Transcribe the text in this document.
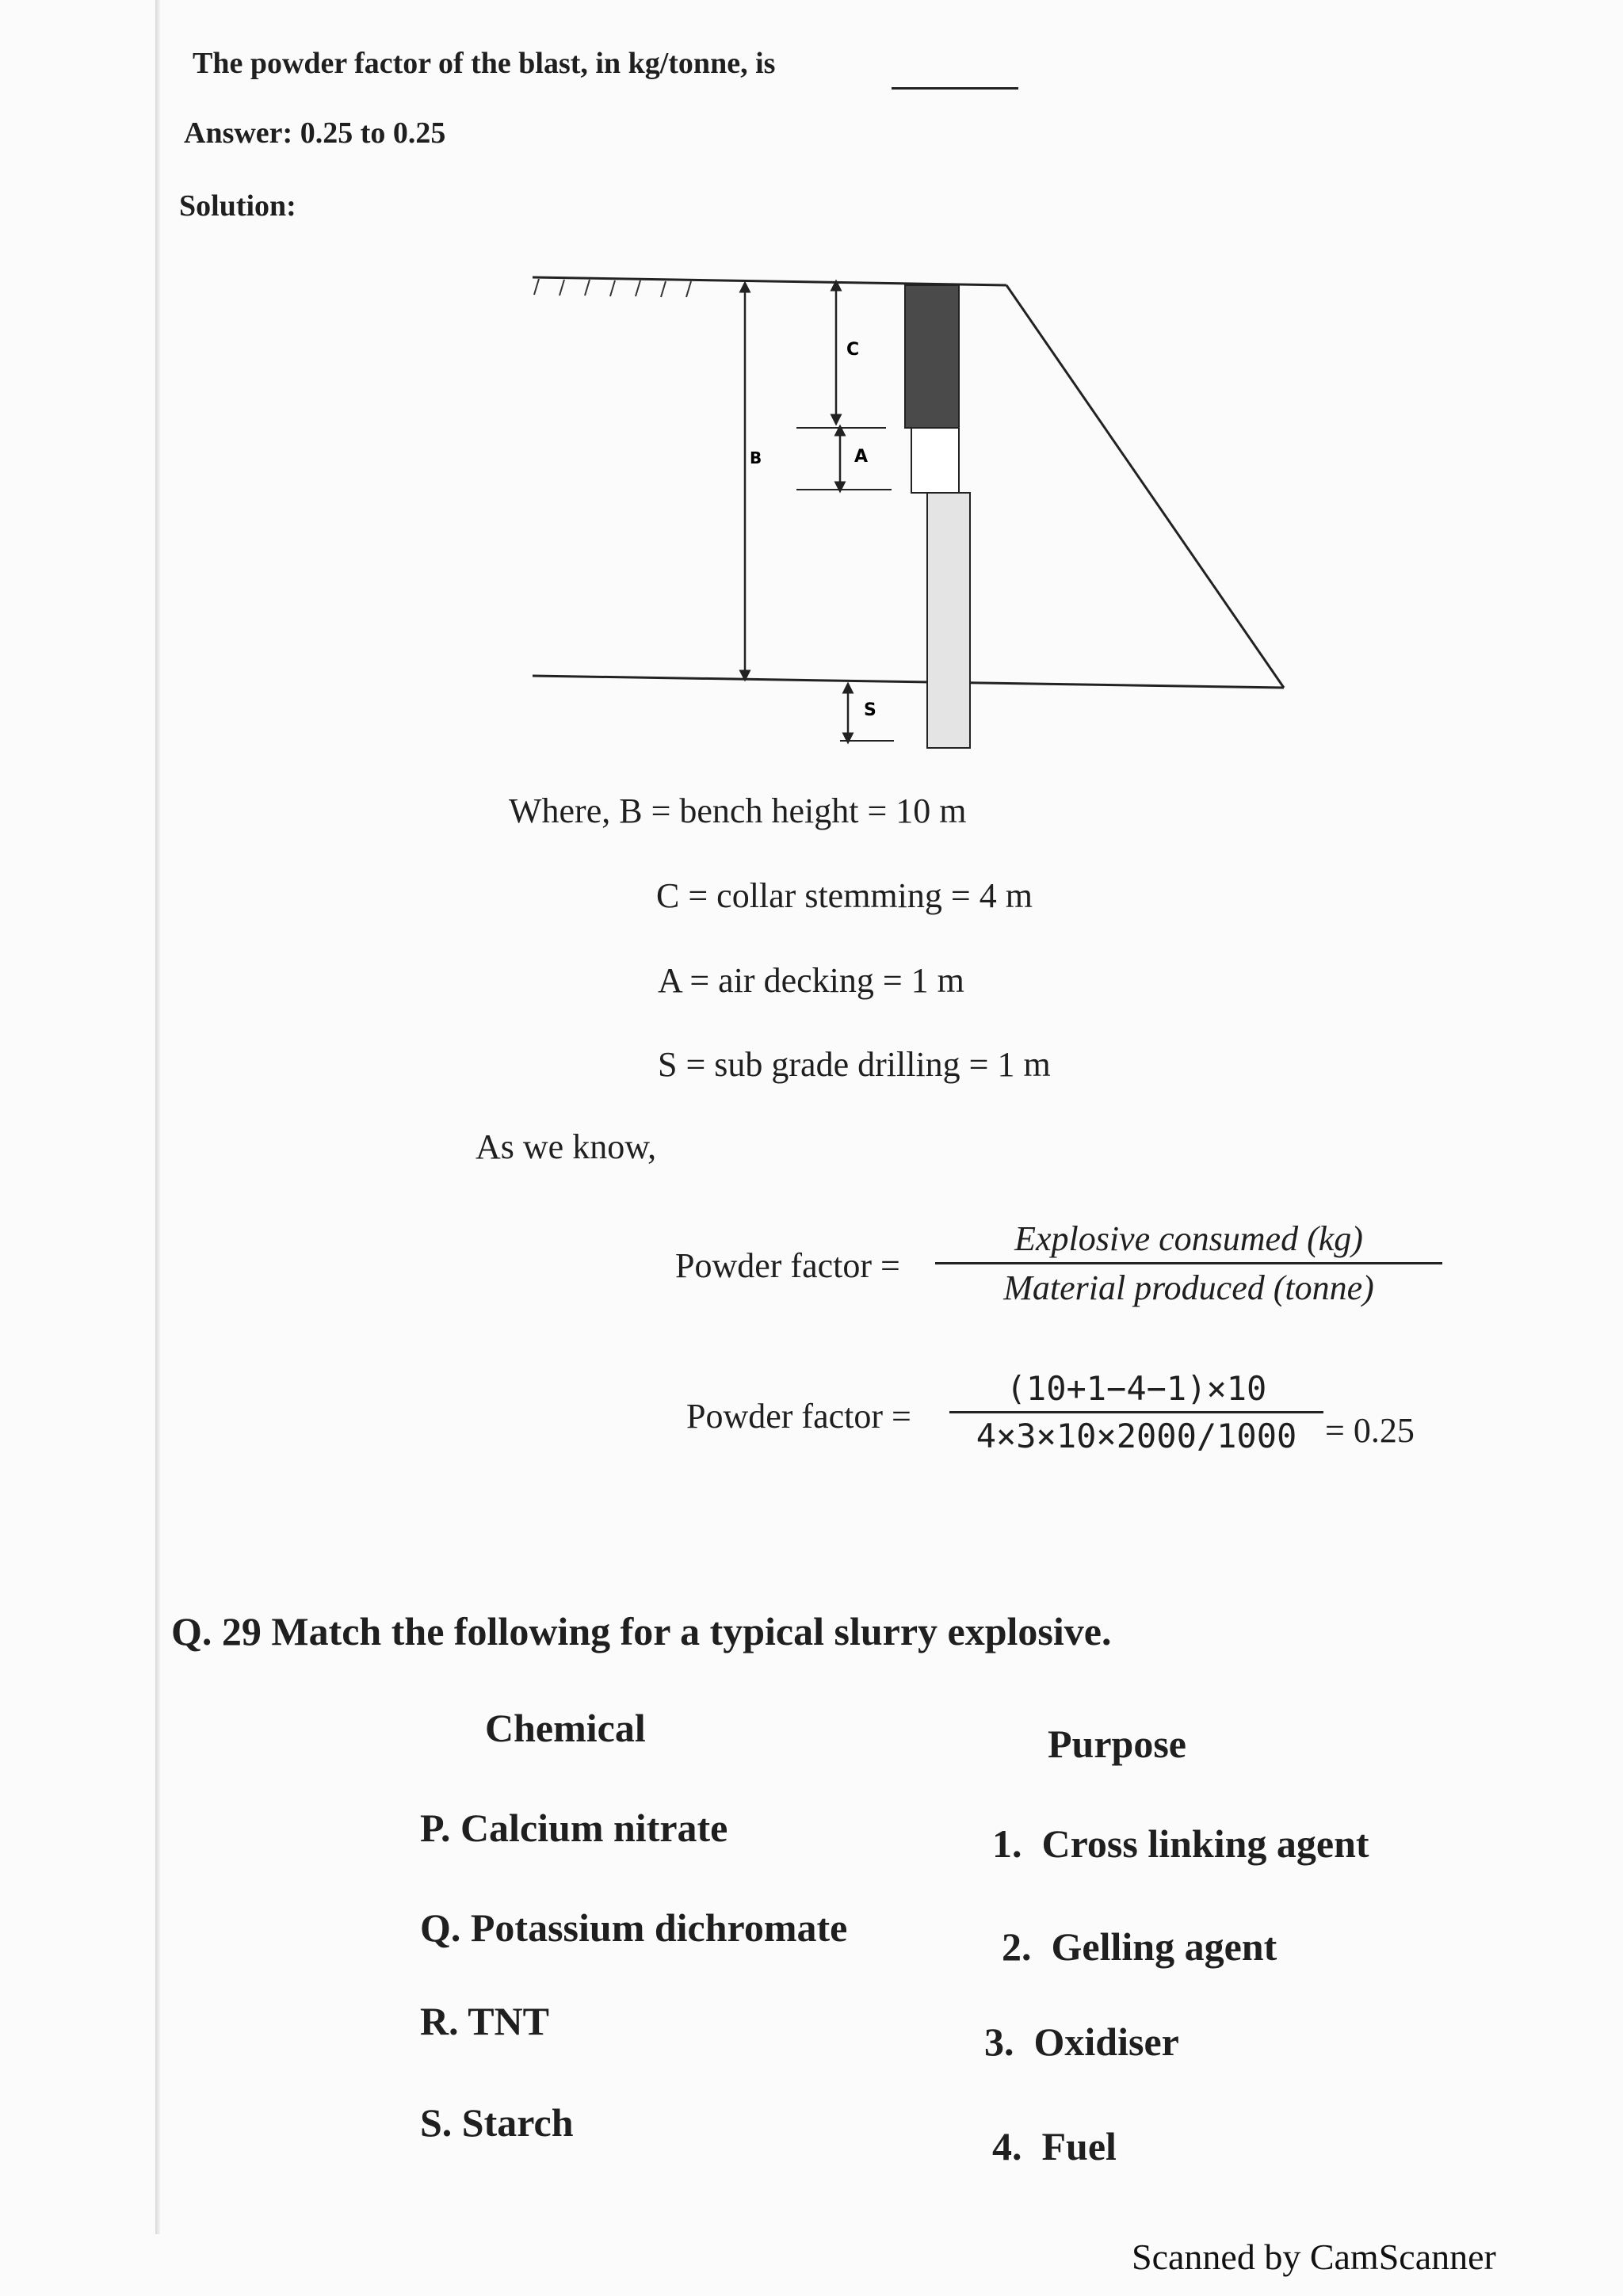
The powder factor of the blast, in kg/tonne, is
Answer: 0.25 to 0.25
Solution:
B
C
A
S
Where, B = bench height = 10 m
C = collar stemming = 4 m
A = air decking = 1 m
S = sub grade drilling = 1 m
As we know,
Powder factor =
Explosive consumed (kg)
Material produced (tonne)
Powder factor =
(10+1−4−1)×10
4×3×10×2000/1000 = 0.25
Q. 29 Match the following for a typical slurry explosive.
Chemical	Purpose
P. Calcium nitrate
Q. Potassium dichromate
R. TNT
S. Starch
1.  Cross linking agent
2.  Gelling agent
3.  Oxidiser
4.  Fuel
Scanned by CamScanner
